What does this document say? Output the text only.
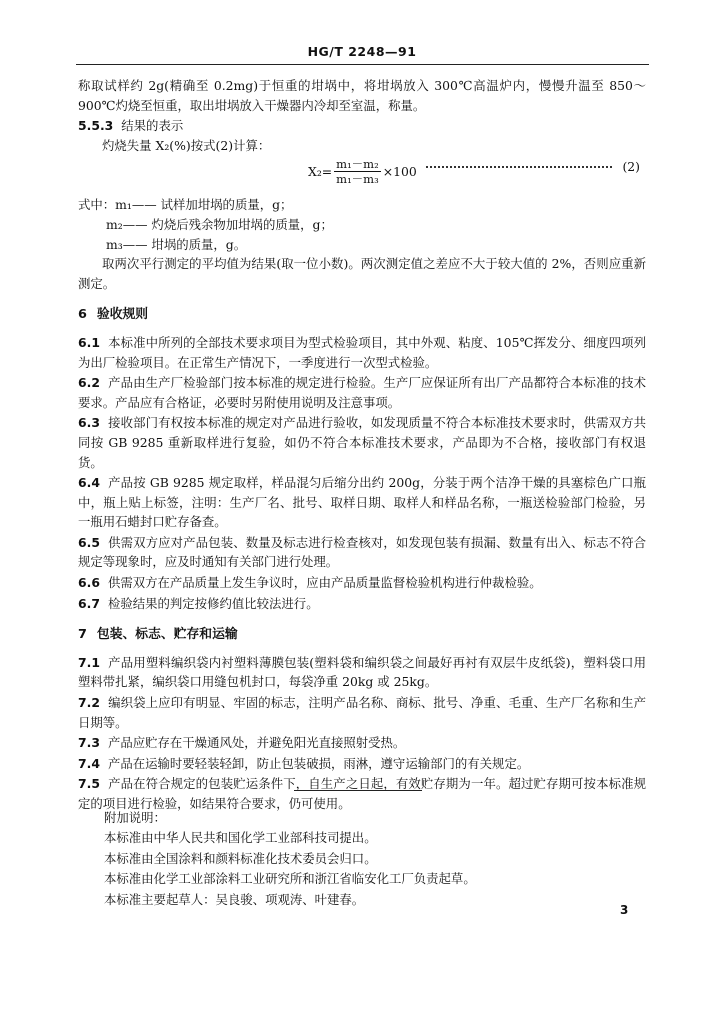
HG/T 2248—91

称取试样约 2g(精确至 0.2mg)于恒重的坩埚中，将坩埚放入 300℃高温炉内，慢慢升温至 850～900℃灼烧至恒重，取出坩埚放入干燥器内冷却至室温，称量。

5.5.3 结果的表示

灼烧失量 X₂(%)按式(2)计算：

$X_2= \frac{\text{m₁－m₂}}{\text{m₁－m₃}} \times 100$	(2)

式中：m₁—— 试样加坩埚的质量，g；

m₂—— 灼烧后残余物加坩埚的质量，g；

m₃—— 坩埚的质量，g。

取两次平行测定的平均值为结果(取一位小数)。两次测定值之差应不大于较大值的 2%，否则应重新测定。

6 验收规则

6.1 本标准中所列的全部技术要求项目为型式检验项目，其中外观、粘度、105℃挥发分、细度四项列为出厂检验项目。在正常生产情况下，一季度进行一次型式检验。

6.2 产品由生产厂检验部门按本标准的规定进行检验。生产厂应保证所有出厂产品都符合本标准的技术要求。产品应有合格证，必要时另附使用说明及注意事项。

6.3 接收部门有权按本标准的规定对产品进行验收，如发现质量不符合本标准技术要求时，供需双方共同按 GB 9285 重新取样进行复验，如仍不符合本标准技术要求，产品即为不合格，接收部门有权退货。

6.4 产品按 GB 9285 规定取样，样品混匀后缩分出约 200g，分装于两个洁净干燥的具塞棕色广口瓶中，瓶上贴上标签，注明：生产厂名、批号、取样日期、取样人和样品名称，一瓶送检验部门检验，另一瓶用石蜡封口贮存备查。

6.5 供需双方应对产品包装、数量及标志进行检查核对，如发现包装有损漏、数量有出入、标志不符合规定等现象时，应及时通知有关部门进行处理。

6.6 供需双方在产品质量上发生争议时，应由产品质量监督检验机构进行仲裁检验。

6.7 检验结果的判定按修约值比较法进行。

7 包装、标志、贮存和运输

7.1 产品用塑料编织袋内衬塑料薄膜包装(塑料袋和编织袋之间最好再衬有双层牛皮纸袋)，塑料袋口用塑料带扎紧，编织袋口用缝包机封口，每袋净重 20kg 或 25kg。

7.2 编织袋上应印有明显、牢固的标志，注明产品名称、商标、批号、净重、毛重、生产厂名称和生产日期等。

7.3 产品应贮存在干燥通风处，并避免阳光直接照射受热。

7.4 产品在运输时要轻装轻卸，防止包装破损，雨淋，遵守运输部门的有关规定。

7.5 产品在符合规定的包装贮运条件下，自生产之日起，有效贮存期为一年。超过贮存期可按本标准规定的项目进行检验，如结果符合要求，仍可使用。

附加说明：

本标准由中华人民共和国化学工业部科技司提出。

本标准由全国涂料和颜料标准化技术委员会归口。

本标准由化学工业部涂料工业研究所和浙江省临安化工厂负责起草。

本标准主要起草人：吴良骏、项观涛、叶建春。

3
